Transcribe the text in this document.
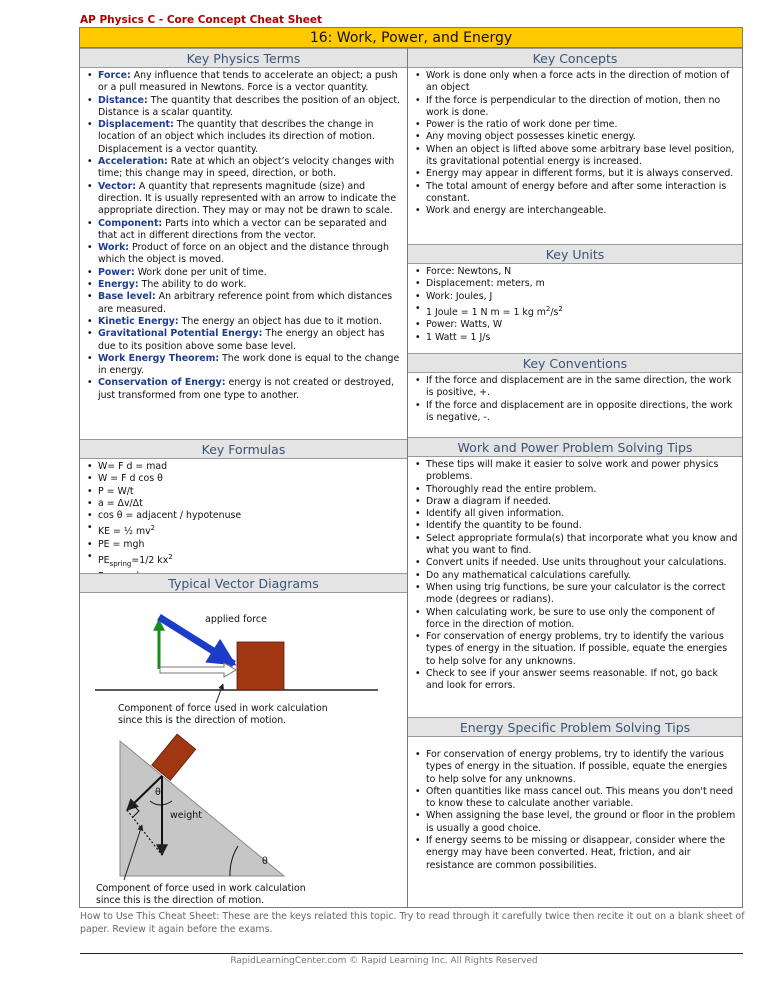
AP Physics C - Core Concept Cheat Sheet
16: Work, Power, and Energy
Key Physics Terms
• Force: Any influence that tends to accelerate an object; a push or a pull measured in Newtons. Force is a vector quantity.
• Distance: The quantity that describes the position of an object. Distance is a scalar quantity.
• Displacement: The quantity that describes the change in location of an object which includes its direction of motion. Displacement is a vector quantity.
• Acceleration: Rate at which an object’s velocity changes with time; this change may in speed, direction, or both.
• Vector: A quantity that represents magnitude (size) and direction. It is usually represented with an arrow to indicate the appropriate direction. They may or may not be drawn to scale.
• Component: Parts into which a vector can be separated and that act in different directions from the vector.
• Work: Product of force on an object and the distance through which the object is moved.
• Power: Work done per unit of time.
• Energy: The ability to do work.
• Base level: An arbitrary reference point from which distances are measured.
• Kinetic Energy: The energy an object has due to it motion.
• Gravitational Potential Energy: The energy an object has due to its position above some base level.
• Work Energy Theorem: The work done is equal to the change in energy.
• Conservation of Energy: energy is not created or destroyed, just transformed from one type to another.
Key Formulas
• W= F d = mad
• W = F d cos θ
• P = W/t
• a = Δv/Δt
• cos θ = adjacent / hypotenuse
• KE = ½ $mv^2$
• PE = mgh
• $PE_{spring}=1/2$ $kx^2$
•
Typical Vector Diagrams
applied force
Component of force used in work calculation since this is the direction of motion.
θ
weight
θ
Component of force used in work calculation since this is the direction of motion.
Key Concepts
• Work is done only when a force acts in the direction of motion of an object
• If the force is perpendicular to the direction of motion, then no work is done.
• Power is the ratio of work done per time.
• Any moving object possesses kinetic energy.
• When an object is lifted above some arbitrary base level position, its gravitational potential energy is increased.
• Energy may appear in different forms, but it is always conserved.
• The total amount of energy before and after some interaction is constant.
• Work and energy are interchangeable.
Key Units
• Force: Newtons, N
• Displacement: meters, m
• Work: Joules, J
• 1 Joule = 1 N m = 1 kg $m^2/s^2$
• Power: Watts, W
• 1 Watt = 1 J/s
Key Conventions
• If the force and displacement are in the same direction, the work is positive, +.
• If the force and displacement are in opposite directions, the work is negative, -.
Work and Power Problem Solving Tips
• These tips will make it easier to solve work and power physics problems.
• Thoroughly read the entire problem.
• Draw a diagram if needed.
• Identify all given information.
• Identify the quantity to be found.
• Select appropriate formula(s) that incorporate what you know and what you want to find.
• Convert units if needed. Use units throughout your calculations.
• Do any mathematical calculations carefully.
• When using trig functions, be sure your calculator is the correct mode (degrees or radians).
• When calculating work, be sure to use only the component of force in the direction of motion.
• For conservation of energy problems, try to identify the various types of energy in the situation. If possible, equate the energies to help solve for any unknowns.
• Check to see if your answer seems reasonable. If not, go back and look for errors.
Energy Specific Problem Solving Tips
• For conservation of energy problems, try to identify the various types of energy in the situation. If possible, equate the energies to help solve for any unknowns.
• Often quantities like mass cancel out. This means you don't need to know these to calculate another variable.
• When assigning the base level, the ground or floor in the problem is usually a good choice.
• If energy seems to be missing or disappear, consider where the energy may have been converted. Heat, friction, and air resistance are common possibilities.
How to Use This Cheat Sheet: These are the keys related this topic. Try to read through it carefully twice then recite it out on a blank sheet of paper. Review it again before the exams.
RapidLearningCenter.com © Rapid Learning Inc. All Rights Reserved
